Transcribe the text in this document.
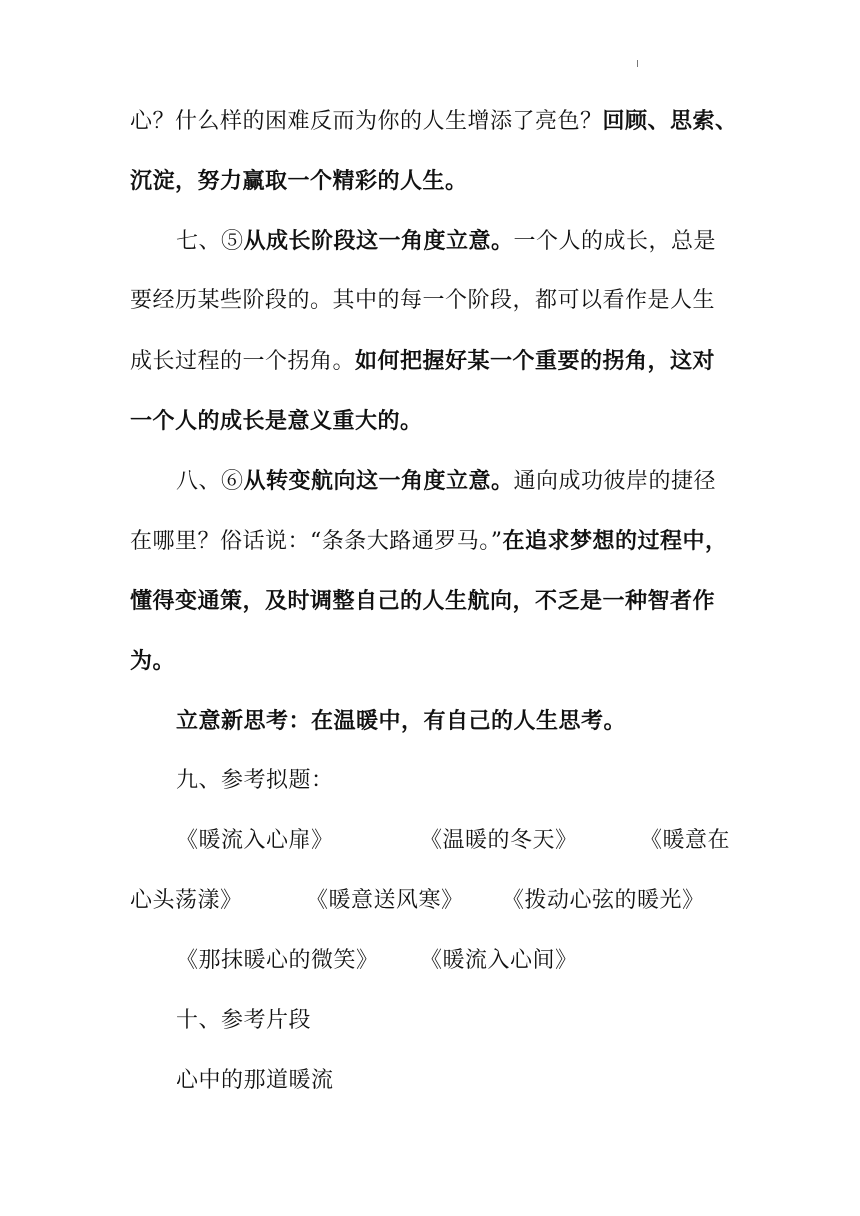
心？什么样的困难反而为你的人生增添了亮色？回顾、思索、
沉淀，努力赢取一个精彩的人生。
七、⑤从成长阶段这一角度立意。一个人的成长，总是
要经历某些阶段的。其中的每一个阶段，都可以看作是人生
成长过程的一个拐角。如何把握好某一个重要的拐角，这对
一个人的成长是意义重大的。
八、⑥从转变航向这一角度立意。通向成功彼岸的捷径
在哪里？俗话说：“条条大路通罗马。”在追求梦想的过程中，
懂得变通策，及时调整自己的人生航向，不乏是一种智者作
为。
立意新思考：在温暖中，有自己的人生思考。
九、参考拟题：
《暖流入心扉》	《温暖的冬天》	《暖意在
心头荡漾》	《暖意送风寒》 《拨动心弦的暖光》
《那抹暖心的微笑》 《暖流入心间》
十、参考片段
心中的那道暖流
